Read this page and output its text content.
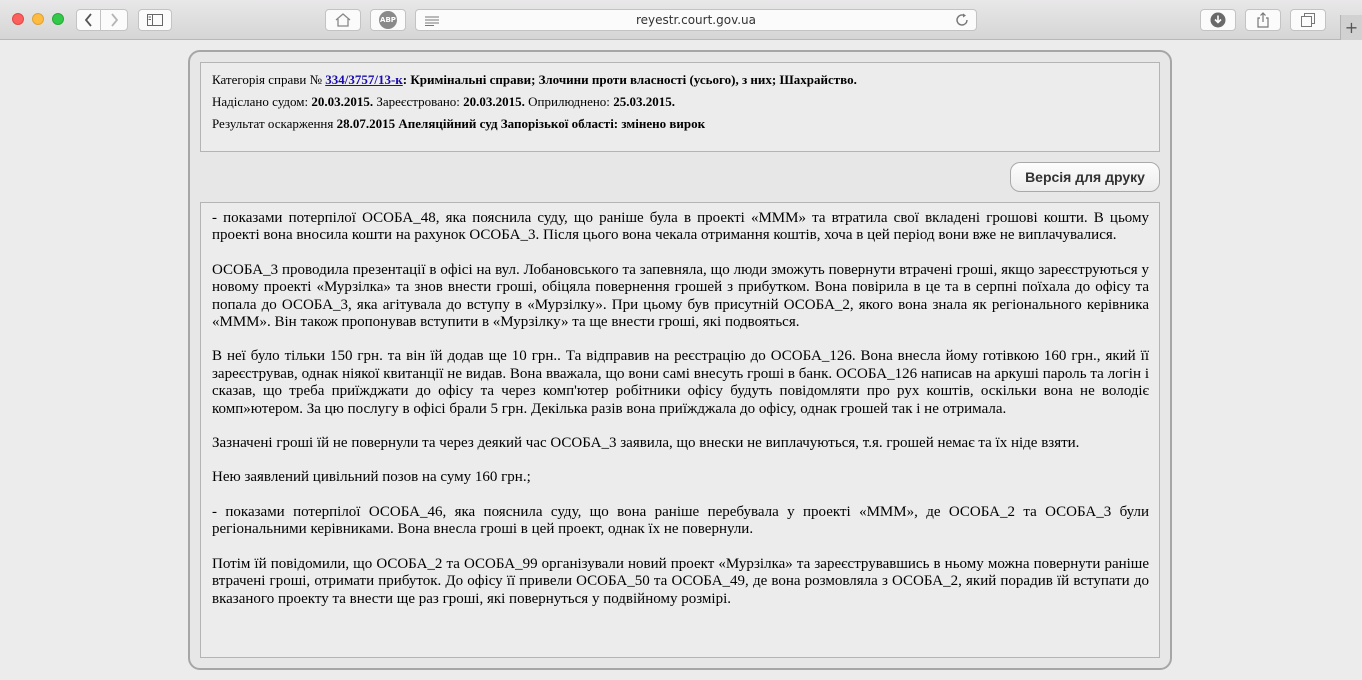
ABP	reyestr.court.gov.ua	+
Категорія справи № 334/3757/13-к: Кримінальні справи; Злочини проти власності (усього), з них; Шахрайство.
Надіслано судом: 20.03.2015. Зареєстровано: 20.03.2015. Оприлюднено: 25.03.2015.
Результат оскарження 28.07.2015 Апеляційний суд Запорізької області: змінено вирок
Версія для друку

- показами потерпілої ОСОБА_48, яка пояснила суду, що раніше була в проекті «МММ» та втратила свої вкладені грошові кошти. В цьому проекті вона вносила кошти на рахунок ОСОБА_3. Після цього вона чекала отримання коштів, хоча в цей період вони вже не виплачувалися.

ОСОБА_3 проводила презентації в офісі на вул. Лобановського та запевняла, що люди зможуть повернути втрачені гроші, якщо зареєструються у новому проекті «Мурзілка» та знов внести гроші, обіцяла повернення грошей з прибутком. Вона повірила в це та в серпні поїхала до офісу та попала до ОСОБА_3, яка агітувала до вступу в «Мурзілку». При цьому був присутній ОСОБА_2, якого вона знала як регіонального керівника «МММ». Він також пропонував вступити в «Мурзілку» та ще внести гроші, які подвояться.

В неї було тільки 150 грн. та він їй додав ще 10 грн.. Та відправив на реєстрацію до ОСОБА_126. Вона внесла йому готівкою 160 грн., який її зареєстрував, однак ніякої квитанції не видав. Вона вважала, що вони самі внесуть гроші в банк. ОСОБА_126 написав на аркуші пароль та логін і сказав, що треба приїжджати до офісу та через комп'ютер робітники офісу будуть повідомляти про рух коштів, оскільки вона не володіє комп»ютером. За цю послугу в офісі брали 5 грн. Декілька разів вона приїжджала до офісу, однак грошей так і не отримала.

Зазначені гроші їй не повернули та через деякий час ОСОБА_3 заявила, що внески не виплачуються, т.я. грошей немає та їх ніде взяти.

Нею заявлений цивільний позов на суму 160 грн.;

- показами потерпілої ОСОБА_46, яка пояснила суду, що вона раніше перебувала у проекті «МММ», де ОСОБА_2 та ОСОБА_3 були регіональними керівниками. Вона внесла гроші в цей проект, однак їх не повернули.

Потім їй повідомили, що ОСОБА_2 та ОСОБА_99 організували новий проект «Мурзілка» та зареєструвавшись в ньому можна повернути раніше втрачені гроші, отримати прибуток. До офісу її привели ОСОБА_50 та ОСОБА_49, де вона розмовляла з ОСОБА_2, який порадив їй вступати до вказаного проекту та внести ще раз гроші, які повернуться у подвійному розмірі.
